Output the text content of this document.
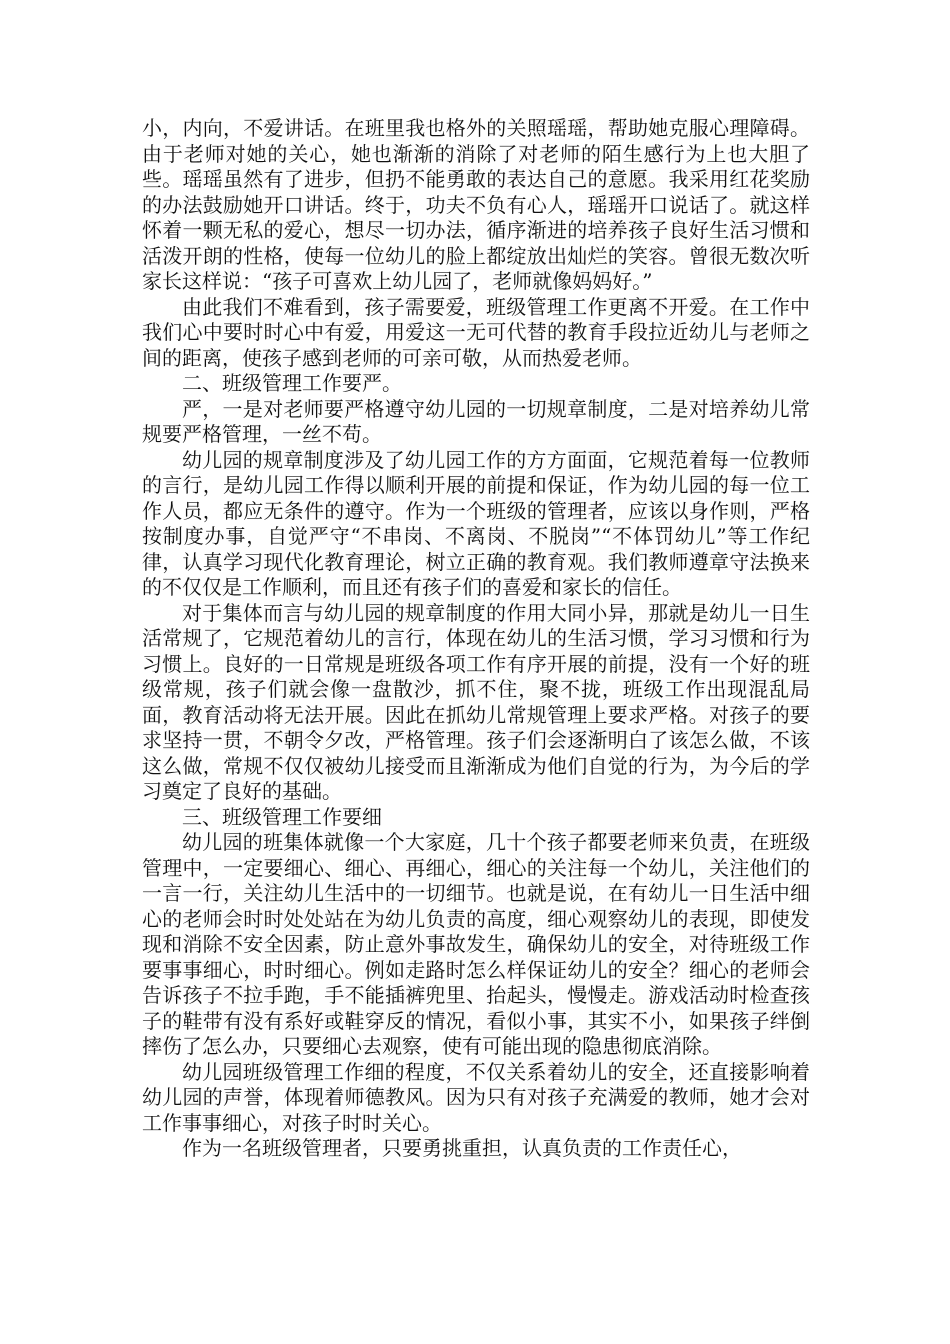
小，内向，不爱讲话。在班里我也格外的关照瑶瑶，帮助她克服心理障碍。由于老师对她的关心，她也渐渐的消除了对老师的陌生感行为上也大胆了些。瑶瑶虽然有了进步，但扔不能勇敢的表达自己的意愿。我采用红花奖励的办法鼓励她开口讲话。终于，功夫不负有心人，瑶瑶开口说话了。就这样怀着一颗无私的爱心，想尽一切办法，循序渐进的培养孩子良好生活习惯和活泼开朗的性格，使每一位幼儿的脸上都绽放出灿烂的笑容。曾很无数次听家长这样说：“孩子可喜欢上幼儿园了，老师就像妈妈好。”

由此我们不难看到，孩子需要爱，班级管理工作更离不开爱。在工作中我们心中要时时心中有爱，用爱这一无可代替的教育手段拉近幼儿与老师之间的距离，使孩子感到老师的可亲可敬，从而热爱老师。

二、班级管理工作要严。

严，一是对老师要严格遵守幼儿园的一切规章制度，二是对培养幼儿常规要严格管理，一丝不苟。

幼儿园的规章制度涉及了幼儿园工作的方方面面，它规范着每一位教师的言行，是幼儿园工作得以顺利开展的前提和保证，作为幼儿园的每一位工作人员，都应无条件的遵守。作为一个班级的管理者，应该以身作则，严格按制度办事，自觉严守“不串岗、不离岗、不脱岗”“不体罚幼儿”等工作纪律，认真学习现代化教育理论，树立正确的教育观。我们教师遵章守法换来的不仅仅是工作顺利，而且还有孩子们的喜爱和家长的信任。

对于集体而言与幼儿园的规章制度的作用大同小异，那就是幼儿一日生活常规了，它规范着幼儿的言行，体现在幼儿的生活习惯，学习习惯和行为习惯上。良好的一日常规是班级各项工作有序开展的前提，没有一个好的班级常规，孩子们就会像一盘散沙，抓不住，聚不拢，班级工作出现混乱局面，教育活动将无法开展。因此在抓幼儿常规管理上要求严格。对孩子的要求坚持一贯，不朝令夕改，严格管理。孩子们会逐渐明白了该怎么做，不该这么做，常规不仅仅被幼儿接受而且渐渐成为他们自觉的行为，为今后的学习奠定了良好的基础。

三、班级管理工作要细

幼儿园的班集体就像一个大家庭，几十个孩子都要老师来负责，在班级管理中，一定要细心、细心、再细心，细心的关注每一个幼儿，关注他们的一言一行，关注幼儿生活中的一切细节。也就是说，在有幼儿一日生活中细心的老师会时时处处站在为幼儿负责的高度，细心观察幼儿的表现，即使发现和消除不安全因素，防止意外事故发生，确保幼儿的安全，对待班级工作要事事细心，时时细心。例如走路时怎么样保证幼儿的安全？细心的老师会告诉孩子不拉手跑，手不能插裤兜里、抬起头，慢慢走。游戏活动时检查孩子的鞋带有没有系好或鞋穿反的情况，看似小事，其实不小，如果孩子绊倒摔伤了怎么办，只要细心去观察，使有可能出现的隐患彻底消除。

幼儿园班级管理工作细的程度，不仅关系着幼儿的安全，还直接影响着幼儿园的声誉，体现着师德教风。因为只有对孩子充满爱的教师，她才会对工作事事细心，对孩子时时关心。

作为一名班级管理者，只要勇挑重担，认真负责的工作责任心，
